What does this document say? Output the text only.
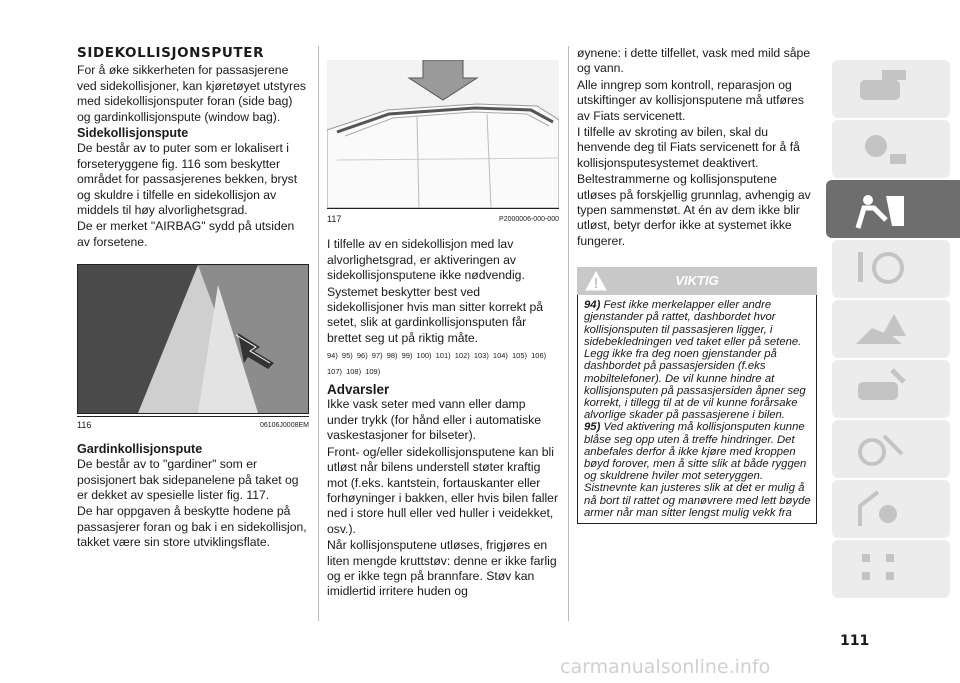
SIDEKOLLISJONSPUTER

For å øke sikkerheten for passasjerene ved sidekollisjoner, kan kjøretøyet utstyres med sidekollisjonsputer foran (side bag) og gardinkollisjonspute (window bag).

Sidekollisjonspute

De består av to puter som er lokalisert i forseteryggene fig. 116 som beskytter området for passasjerenes bekken, bryst og skuldre i tilfelle en sidekollisjon av middels til høy alvorlighetsgrad.

De er merket "AIRBAG" sydd på utsiden av forsetene.

116	06106J0008EM
Gardinkollisjonspute

De består av to "gardiner" som er posisjonert bak sidepanelene på taket og er dekket av spesielle lister fig. 117.

De har oppgaven å beskytte hodene på passasjerer foran og bak i en sidekollisjon, takket være sin store utviklingsflate.

117	P2000006-000-000

I tilfelle av en sidekollisjon med lav alvorlighetsgrad, er aktiveringen av sidekollisjonsputene ikke nødvendig.

Systemet beskytter best ved sidekollisjoner hvis man sitter korrekt på setet, slik at gardinkollisjonsputen får brettet seg ut på riktig måte.

94) 95) 96) 97) 98) 99) 100) 101) 102) 103) 104) 105) 106) 107) 108) 109)
Advarsler

Ikke vask seter med vann eller damp under trykk (for hånd eller i automatiske vaskestasjoner for bilseter).

Front- og/eller sidekollisjonsputene kan bli utløst når bilens understell støter kraftig mot (f.eks. kantstein, fortauskanter eller forhøyninger i bakken, eller hvis bilen faller ned i store hull eller ved huller i veidekket, osv.).

Når kollisjonsputene utløses, frigjøres en liten mengde kruttstøv: denne er ikke farlig og er ikke tegn på brannfare. Støv kan imidlertid irritere huden og

øynene: i dette tilfellet, vask med mild såpe og vann.

Alle inngrep som kontroll, reparasjon og utskiftinger av kollisjonsputene må utføres av Fiats servicenett.

I tilfelle av skroting av bilen, skal du henvende deg til Fiats servicenett for å få kollisjonsputesystemet deaktivert.

Beltestrammerne og kollisjonsputene utløses på forskjellig grunnlag, avhengig av typen sammenstøt. At én av dem ikke blir utløst, betyr derfor ikke at systemet ikke fungerer.

VIKTIG

94) Fest ikke merkelapper eller andre gjenstander på rattet, dashbordet hvor kollisjonsputen til passasjeren ligger, i sidebekledningen ved taket eller på setene. Legg ikke fra deg noen gjenstander på dashbordet på passasjersiden (f.eks mobiltelefoner). De vil kunne hindre at kollisjonsputen på passasjersiden åpner seg korrekt, i tillegg til at de vil kunne forårsake alvorlige skader på passasjerene i bilen.

95) Ved aktivering må kollisjonsputen kunne blåse seg opp uten å treffe hindringer. Det anbefales derfor å ikke kjøre med kroppen bøyd forover, men å sitte slik at både ryggen og skuldrene hviler mot seteryggen. Sistnevnte kan justeres slik at det er mulig å nå bort til rattet og manøvrere med lett bøyde armer når man sitter lengst mulig vekk fra

111
carmanualsonline.info
